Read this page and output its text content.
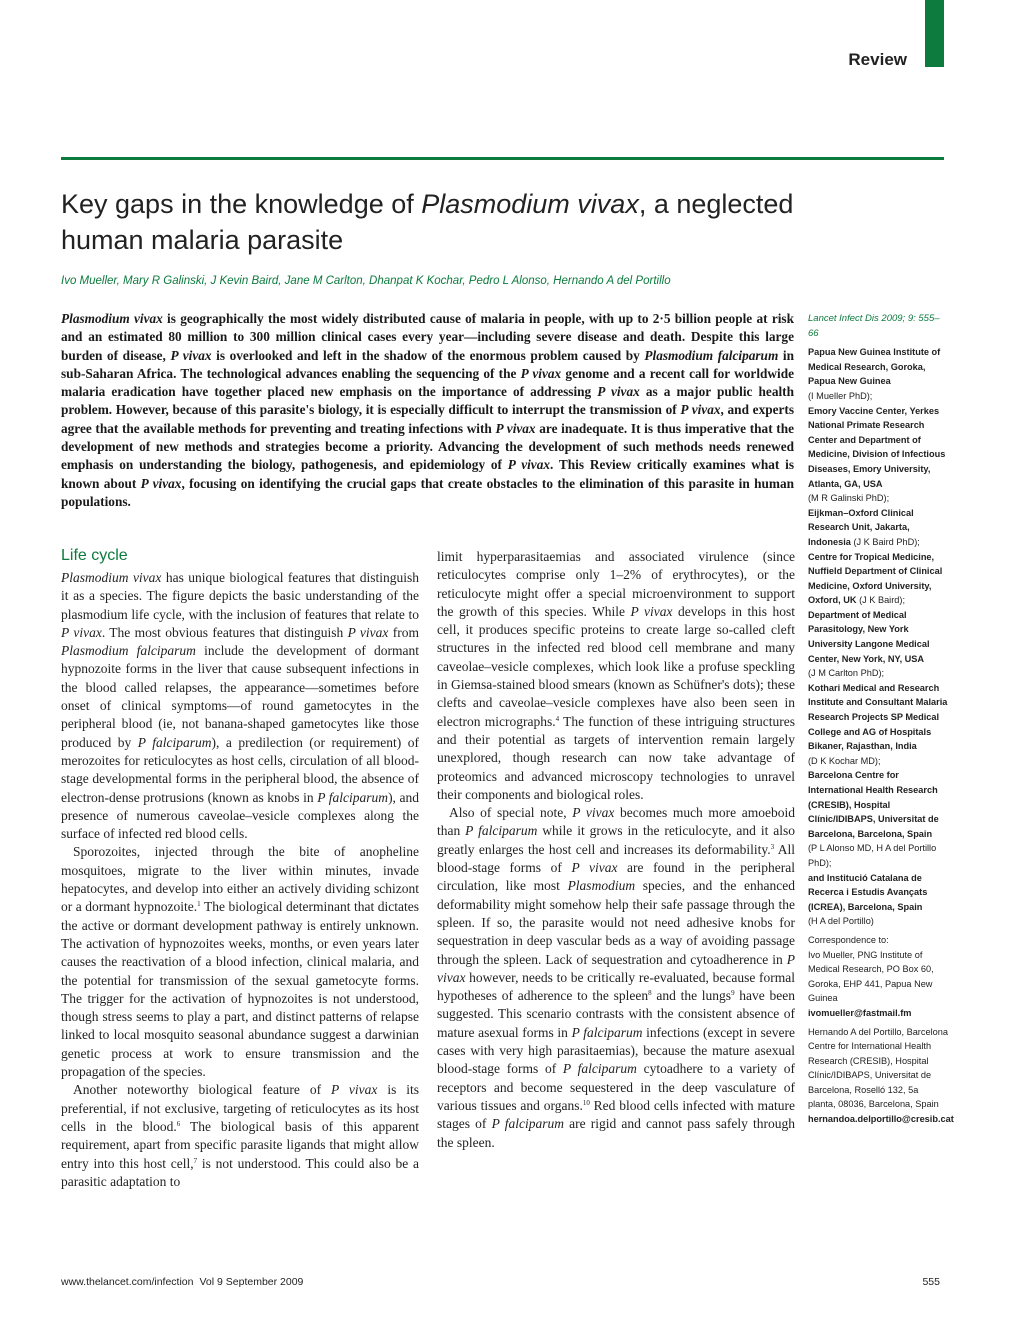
Review
Key gaps in the knowledge of Plasmodium vivax, a neglected human malaria parasite
Ivo Mueller, Mary R Galinski, J Kevin Baird, Jane M Carlton, Dhanpat K Kochar, Pedro L Alonso, Hernando A del Portillo

Plasmodium vivax is geographically the most widely distributed cause of malaria in people, with up to 2·5 billion people at risk and an estimated 80 million to 300 million clinical cases every year—including severe disease and death. Despite this large burden of disease, P vivax is overlooked and left in the shadow of the enormous problem caused by Plasmodium falciparum in sub-Saharan Africa. The technological advances enabling the sequencing of the P vivax genome and a recent call for worldwide malaria eradication have together placed new emphasis on the importance of addressing P vivax as a major public health problem. However, because of this parasite's biology, it is especially difficult to interrupt the transmission of P vivax, and experts agree that the available methods for preventing and treating infections with P vivax are inadequate. It is thus imperative that the development of new methods and strategies become a priority. Advancing the development of such methods needs renewed emphasis on understanding the biology, pathogenesis, and epidemiology of P vivax. This Review critically examines what is known about P vivax, focusing on identifying the crucial gaps that create obstacles to the elimination of this parasite in human populations.

Life cycle

Plasmodium vivax has unique biological features that distinguish it as a species. The figure depicts the basic understanding of the plasmodium life cycle, with the inclusion of features that relate to P vivax. The most obvious features that distinguish P vivax from Plasmodium falciparum include the development of dormant hypnozoite forms in the liver that cause subsequent infections in the blood called relapses, the appearance—sometimes before onset of clinical symptoms—of round gametocytes in the peripheral blood (ie, not banana-shaped gametocytes like those produced by P falciparum), a predilection (or requirement) of merozoites for reticulocytes as host cells, circulation of all blood-stage developmental forms in the peripheral blood, the absence of electron-dense protrusions (known as knobs in P falciparum), and presence of numerous caveolae–vesicle complexes along the surface of infected red blood cells.

Sporozoites, injected through the bite of anopheline mosquitoes, migrate to the liver within minutes, invade hepatocytes, and develop into either an actively dividing schizont or a dormant hypnozoite.$^1$ The biological determinant that dictates the active or dormant development pathway is entirely unknown. The activation of hypnozoites weeks, months, or even years later causes the reactivation of a blood infection, clinical malaria, and the potential for transmission of the sexual gametocyte forms. The trigger for the activation of hypnozoites is not understood, though stress seems to play a part, and distinct patterns of relapse linked to local mosquito seasonal abundance suggest a darwinian genetic process at work to ensure transmission and the propagation of the species.

Another noteworthy biological feature of P vivax is its preferential, if not exclusive, targeting of reticulocytes as its host cells in the blood.$^6$ The biological basis of this apparent requirement, apart from specific parasite ligands that might allow entry into this host cell,$^7$ is not understood. This could also be a parasitic adaptation to

limit hyperparasitaemias and associated virulence (since reticulocytes comprise only 1–2% of erythrocytes), or the reticulocyte might offer a special microenvironment to support the growth of this species. While P vivax develops in this host cell, it produces specific proteins to create large so-called cleft structures in the infected red blood cell membrane and many caveolae–vesicle complexes, which look like a profuse speckling in Giemsa-stained blood smears (known as Schüfner's dots); these clefts and caveolae–vesicle complexes have also been seen in electron micrographs.$^4$ The function of these intriguing structures and their potential as targets of intervention remain largely unexplored, though research can now take advantage of proteomics and advanced microscopy technologies to unravel their components and biological roles.

Also of special note, P vivax becomes much more amoeboid than P falciparum while it grows in the reticulocyte, and it also greatly enlarges the host cell and increases its deformability.$^3$ All blood-stage forms of P vivax are found in the peripheral circulation, like most Plasmodium species, and the enhanced deformability might somehow help their safe passage through the spleen. If so, the parasite would not need adhesive knobs for sequestration in deep vascular beds as a way of avoiding passage through the spleen. Lack of sequestration and cytoadherence in P vivax however, needs to be critically re-evaluated, because formal hypotheses of adherence to the spleen$^8$ and the lungs$^9$ have been suggested. This scenario contrasts with the consistent absence of mature asexual forms in P falciparum infections (except in severe cases with very high parasitaemias), because the mature asexual blood-stage forms of P falciparum cytoadhere to a variety of receptors and become sequestered in the deep vasculature of various tissues and organs.$^{10}$ Red blood cells infected with mature stages of P falciparum are rigid and cannot pass safely through the spleen.

Lancet Infect Dis 2009; 9: 555–66
Papua New Guinea Institute of Medical Research, Goroka, Papua New Guinea
(I Mueller PhD);
Emory Vaccine Center, Yerkes National Primate Research Center and Department of Medicine, Division of Infectious Diseases, Emory University, Atlanta, GA, USA
(M R Galinski PhD);
Eijkman–Oxford Clinical Research Unit, Jakarta, Indonesia (J K Baird PhD);
Centre for Tropical Medicine, Nuffield Department of Clinical Medicine, Oxford University, Oxford, UK (J K Baird);
Department of Medical Parasitology, New York University Langone Medical Center, New York, NY, USA
(J M Carlton PhD);
Kothari Medical and Research Institute and Consultant Malaria Research Projects SP Medical College and AG of Hospitals Bikaner, Rajasthan, India
(D K Kochar MD);
Barcelona Centre for International Health Research (CRESIB), Hospital Clínic/IDIBAPS, Universitat de Barcelona, Barcelona, Spain
(P L Alonso MD, H A del Portillo PhD);
and Institució Catalana de Recerca i Estudis Avançats (ICREA), Barcelona, Spain
(H A del Portillo)
Correspondence to:
Ivo Mueller, PNG Institute of Medical Research, PO Box 60, Goroka, EHP 441, Papua New Guinea
ivomueller@fastmail.fm
Hernando A del Portillo, Barcelona Centre for International Health Research (CRESIB), Hospital Clínic/IDIBAPS, Universitat de Barcelona, Roselló 132, 5a planta, 08036, Barcelona, Spain
hernandoa.delportillo@cresib.cat
www.thelancet.com/infection Vol 9 September 2009	555
